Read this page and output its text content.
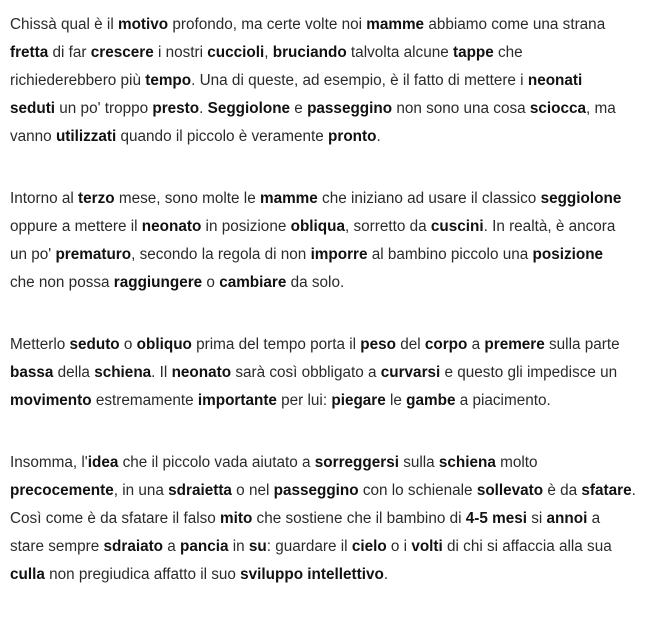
Chissà qual è il motivo profondo, ma certe volte noi mamme abbiamo come una strana
fretta di far crescere i nostri cuccioli, bruciando talvolta alcune tappe che
richiederebbero più tempo. Una di queste, ad esempio, è il fatto di mettere i neonati
seduti un po' troppo presto. Seggiolone e passeggino non sono una cosa sciocca, ma
vanno utilizzati quando il piccolo è veramente pronto.

Intorno al terzo mese, sono molte le mamme che iniziano ad usare il classico seggiolone
oppure a mettere il neonato in posizione obliqua, sorretto da cuscini. In realtà, è ancora
un po' prematuro, secondo la regola di non imporre al bambino piccolo una posizione
che non possa raggiungere o cambiare da solo.

Metterlo seduto o obliquo prima del tempo porta il peso del corpo a premere sulla parte
bassa della schiena. Il neonato sarà così obbligato a curvarsi e questo gli impedisce un
movimento estremamente importante per lui: piegare le gambe a piacimento.

Insomma, l'idea che il piccolo vada aiutato a sorreggersi sulla schiena molto
precocemente, in una sdraietta o nel passeggino con lo schienale sollevato è da sfatare.
Così come è da sfatare il falso mito che sostiene che il bambino di 4-5 mesi si annoi a
stare sempre sdraiato a pancia in su: guardare il cielo o i volti di chi si affaccia alla sua
culla non pregiudica affatto il suo sviluppo intellettivo.
